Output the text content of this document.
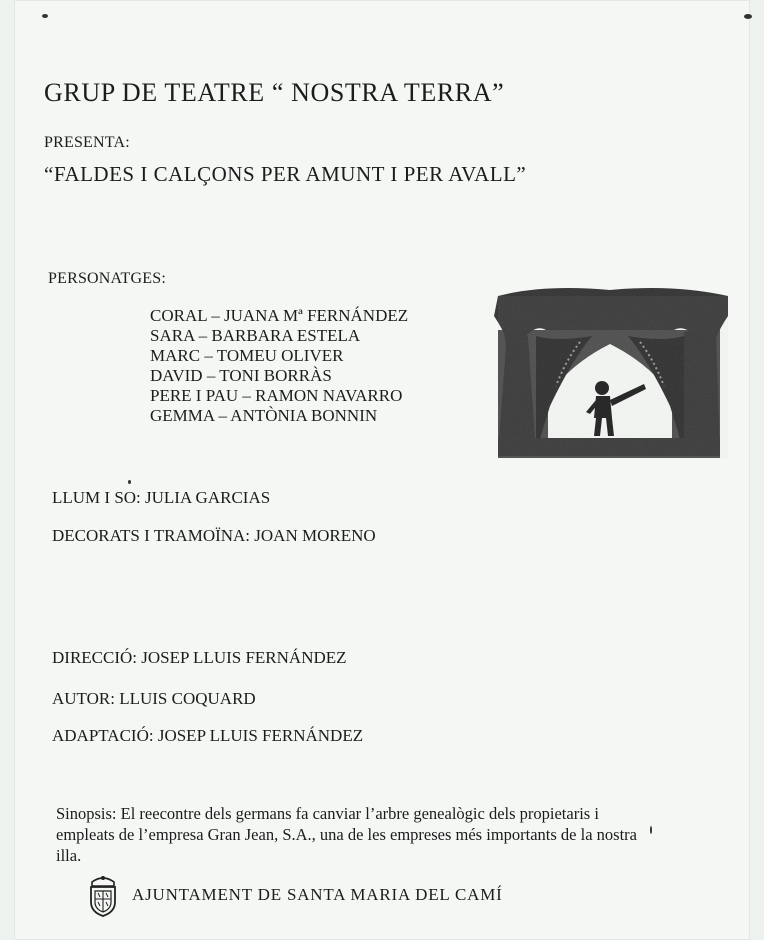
GRUP DE TEATRE “ NOSTRA TERRA”
PRESENTA:
“FALDES I CALÇONS PER AMUNT I PER AVALL”
PERSONATGES:
CORAL – JUANA Mª FERNÁNDEZ
SARA – BARBARA ESTELA
MARC – TOMEU OLIVER
DAVID – TONI BORRÀS
PERE I PAU – RAMON NAVARRO
GEMMA – ANTÒNIA BONNIN
LLUM I SO: JULIA GARCIAS
DECORATS I TRAMOÏNA: JOAN MORENO
DIRECCIÓ: JOSEP LLUIS FERNÁNDEZ
AUTOR: LLUIS COQUARD
ADAPTACIÓ: JOSEP LLUIS FERNÁNDEZ

Sinopsis: El reecontre dels germans fa canviar l’arbre genealògic dels propietaris i empleats de l’empresa Gran Jean, S.A., una de les empreses més importants de la nostra illa.

AJUNTAMENT DE SANTA MARIA DEL CAMÍ
